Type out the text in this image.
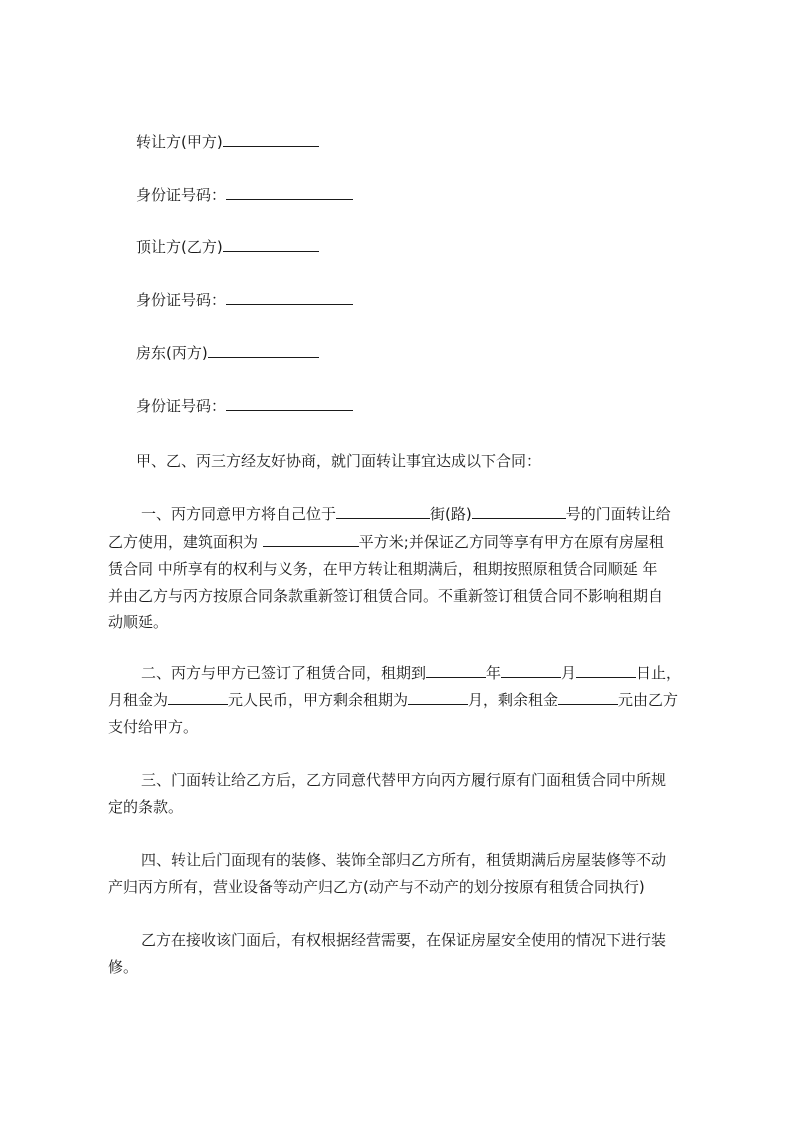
转让方(甲方)
身份证号码：
顶让方(乙方)
身份证号码：
房东(丙方)
身份证号码：
甲、乙、丙三方经友好协商，就门面转让事宜达成以下合同：
一、丙方同意甲方将自己位于	街(路)	号的门面转让给
乙方使用，建筑面积为	平方米;并保证乙方同等享有甲方在原有房屋租
赁合同 中所享有的权利与义务，在甲方转让租期满后，租期按照原租赁合同顺延 年
并由乙方与丙方按原合同条款重新签订租赁合同。不重新签订租赁合同不影响租期自
动顺延。
二、丙方与甲方已签订了租赁合同，租期到	年	月	日止，
月租金为	元人民币，甲方剩余租期为	月，剩余租金	元由乙方
支付给甲方。
三、门面转让给乙方后，乙方同意代替甲方向丙方履行原有门面租赁合同中所规
定的条款。
四、转让后门面现有的装修、装饰全部归乙方所有，租赁期满后房屋装修等不动
产归丙方所有，营业设备等动产归乙方(动产与不动产的划分按原有租赁合同执行)
乙方在接收该门面后，有权根据经营需要，在保证房屋安全使用的情况下进行装
修。
